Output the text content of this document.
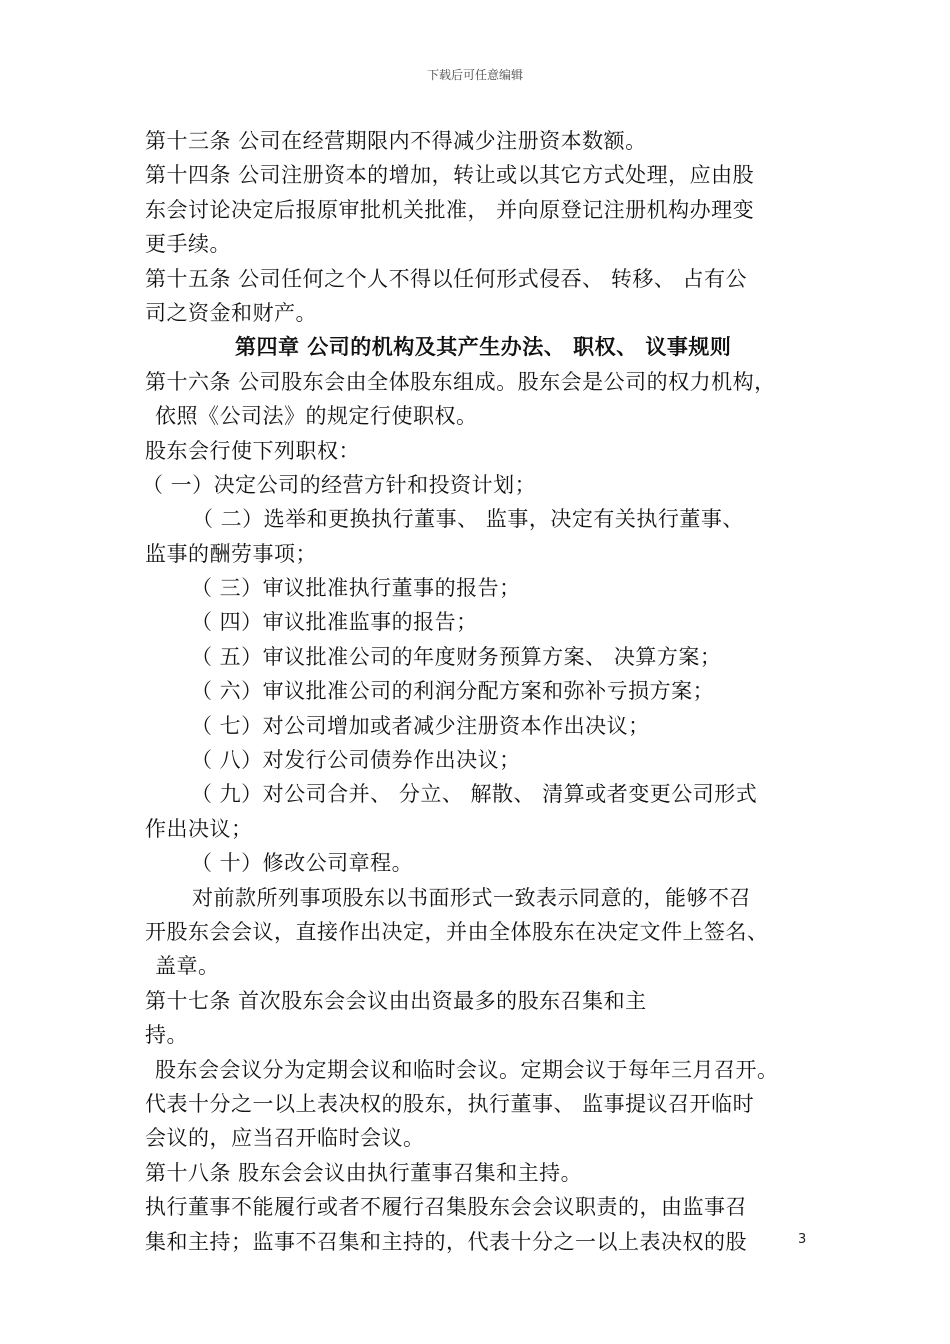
下载后可任意编辑
第十三条 公司在经营期限内不得减少注册资本数额。
第十四条 公司注册资本的增加，转让或以其它方式处理，应由股
东会讨论决定后报原审批机关批准， 并向原登记注册机构办理变
更手续。
第十五条 公司任何之个人不得以任何形式侵吞、 转移、 占有公
司之资金和财产。
第四章 公司的机构及其产生办法、 职权、 议事规则
第十六条 公司股东会由全体股东组成。股东会是公司的权力机构，
依照《公司法》的规定行使职权。
股东会行使下列职权：
（ 一）决定公司的经营方针和投资计划；
（ 二）选举和更换执行董事、 监事，决定有关执行董事、
监事的酬劳事项；
（ 三）审议批准执行董事的报告；
（ 四）审议批准监事的报告；
（ 五）审议批准公司的年度财务预算方案、 决算方案；
（ 六）审议批准公司的利润分配方案和弥补亏损方案；
（ 七）对公司增加或者减少注册资本作出决议；
（ 八）对发行公司债券作出决议；
（ 九）对公司合并、 分立、 解散、 清算或者变更公司形式
作出决议；
（ 十）修改公司章程。
对前款所列事项股东以书面形式一致表示同意的，能够不召
开股东会会议，直接作出决定，并由全体股东在决定文件上签名、
盖章。
第十七条 首次股东会会议由出资最多的股东召集和主
持。
股东会会议分为定期会议和临时会议。定期会议于每年三月召开。
代表十分之一以上表决权的股东，执行董事、 监事提议召开临时
会议的，应当召开临时会议。
第十八条 股东会会议由执行董事召集和主持。
执行董事不能履行或者不履行召集股东会会议职责的，由监事召
集和主持；监事不召集和主持的，代表十分之一以上表决权的股	3
